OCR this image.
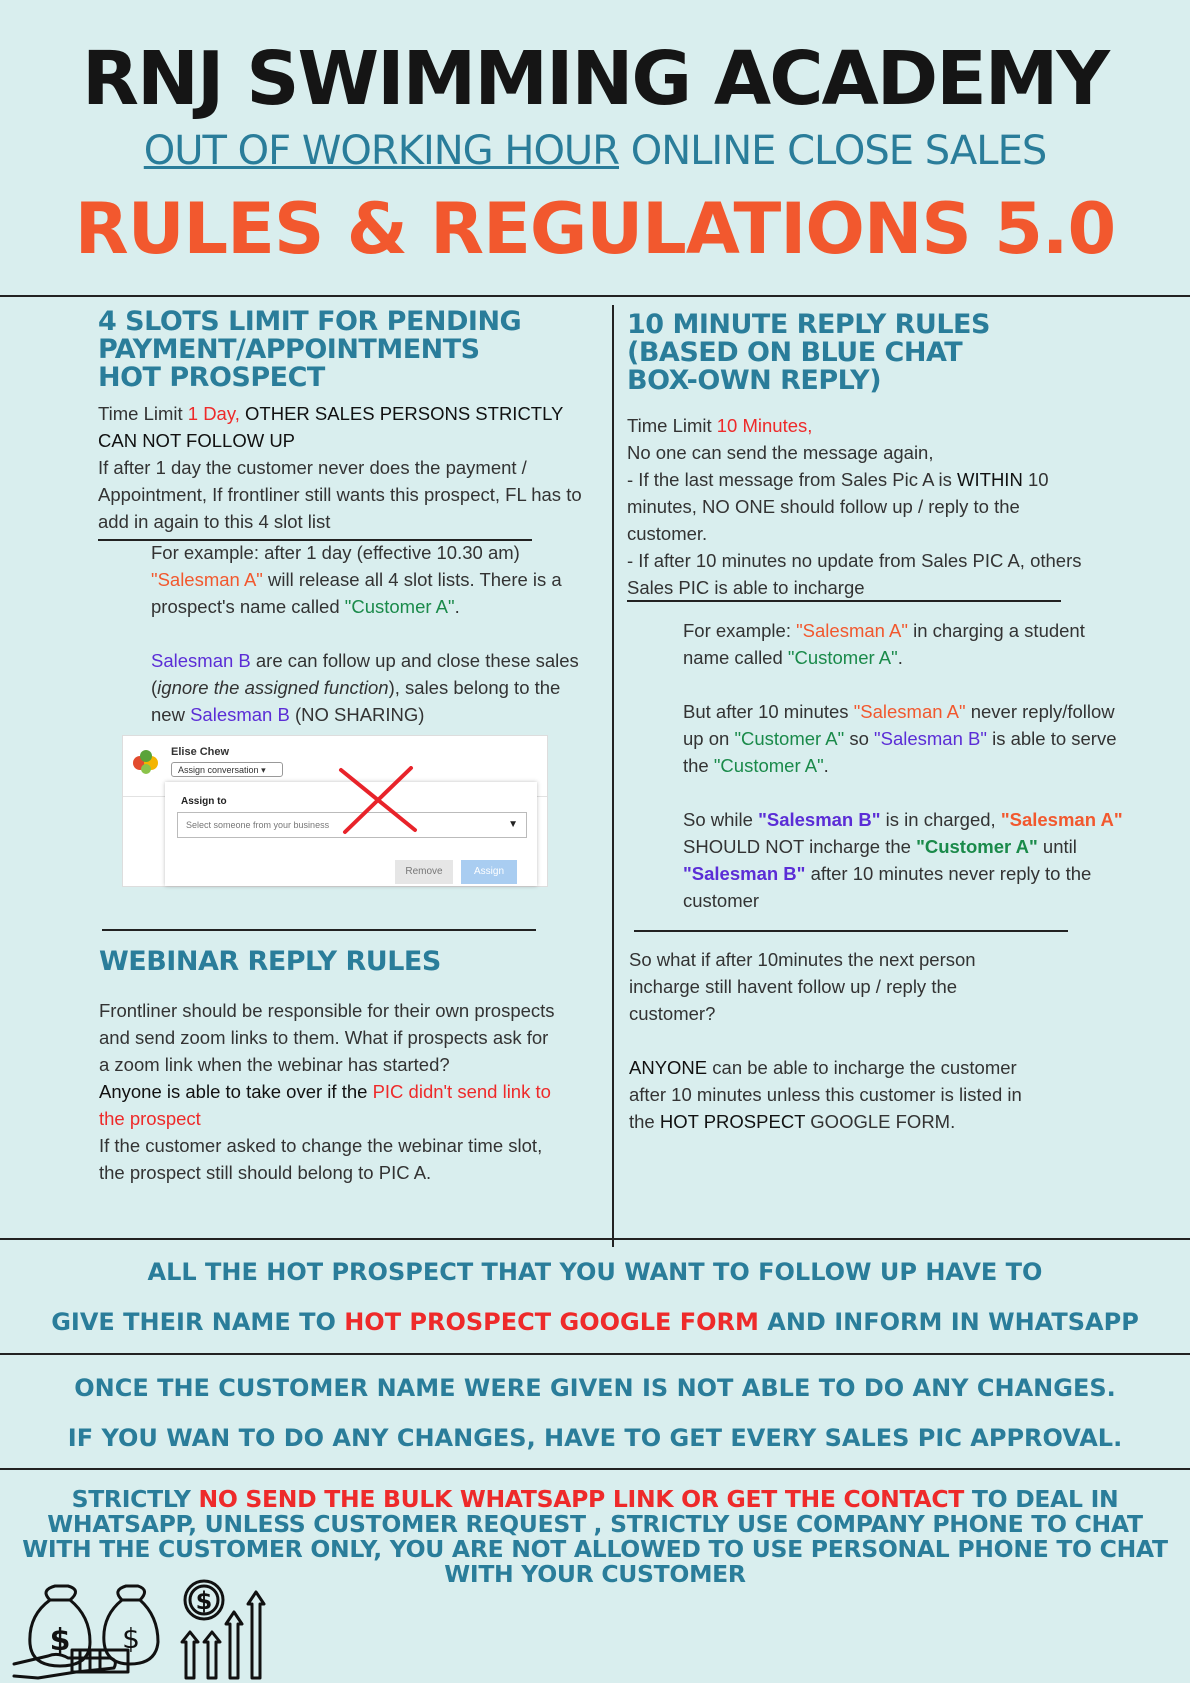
RNJ SWIMMING ACADEMY
OUT OF WORKING HOUR ONLINE CLOSE SALES
RULES & REGULATIONS 5.0
4 SLOTS LIMIT FOR PENDING
PAYMENT/APPOINTMENTS
HOT PROSPECT
Time Limit 1 Day, OTHER SALES PERSONS STRICTLY CAN NOT FOLLOW UP
If after 1 day the customer never does the payment / Appointment, If frontliner still wants this prospect, FL has to add in again to this 4 slot list
For example: after 1 day (effective 10.30 am) "Salesman A" will release all 4 slot lists. There is a prospect's name called "Customer A".

Salesman B are can follow up and close these sales (ignore the assigned function), sales belong to the new Salesman B (NO SHARING)
Elise Chew
Assign conversation ▾
Assign to
Select someone from your business	▼
Remove	Assign
WEBINAR REPLY RULES
Frontliner should be responsible for their own prospects and send zoom links to them. What if prospects ask for a zoom link when the webinar has started?
Anyone is able to take over if the PIC didn't send link to the prospect
If the customer asked to change the webinar time slot, the prospect still should belong to PIC A.
10 MINUTE REPLY RULES
(BASED ON BLUE CHAT
BOX-OWN REPLY)
Time Limit 10 Minutes,
No one can send the message again,
- If the last message from Sales Pic A is WITHIN 10 minutes, NO ONE should follow up / reply to the customer.
- If after 10 minutes no update from Sales PIC A, others Sales PIC is able to incharge
For example: "Salesman A" in charging a student name called "Customer A".

But after 10 minutes "Salesman A" never reply/follow up on "Customer A" so "Salesman B" is able to serve the "Customer A".

So while "Salesman B" is in charged, "Salesman A" SHOULD NOT incharge the "Customer A" until "Salesman B" after 10 minutes never reply to the customer
So what if after 10minutes the next person incharge still havent follow up / reply the customer?

ANYONE can be able to incharge the customer after 10 minutes unless this customer is listed in the HOT PROSPECT GOOGLE FORM.
ALL THE HOT PROSPECT THAT YOU WANT TO FOLLOW UP HAVE TO
GIVE THEIR NAME TO HOT PROSPECT GOOGLE FORM AND INFORM IN WHATSAPP
ONCE THE CUSTOMER NAME WERE GIVEN IS NOT ABLE TO DO ANY CHANGES.
IF YOU WAN TO DO ANY CHANGES, HAVE TO GET EVERY SALES PIC APPROVAL.
STRICTLY NO SEND THE BULK WHATSAPP LINK OR GET THE CONTACT TO DEAL IN WHATSAPP, UNLESS CUSTOMER REQUEST , STRICTLY USE COMPANY PHONE TO CHAT WITH THE CUSTOMER ONLY, YOU ARE NOT ALLOWED TO USE PERSONAL PHONE TO CHAT WITH YOUR CUSTOMER
$ $
$
